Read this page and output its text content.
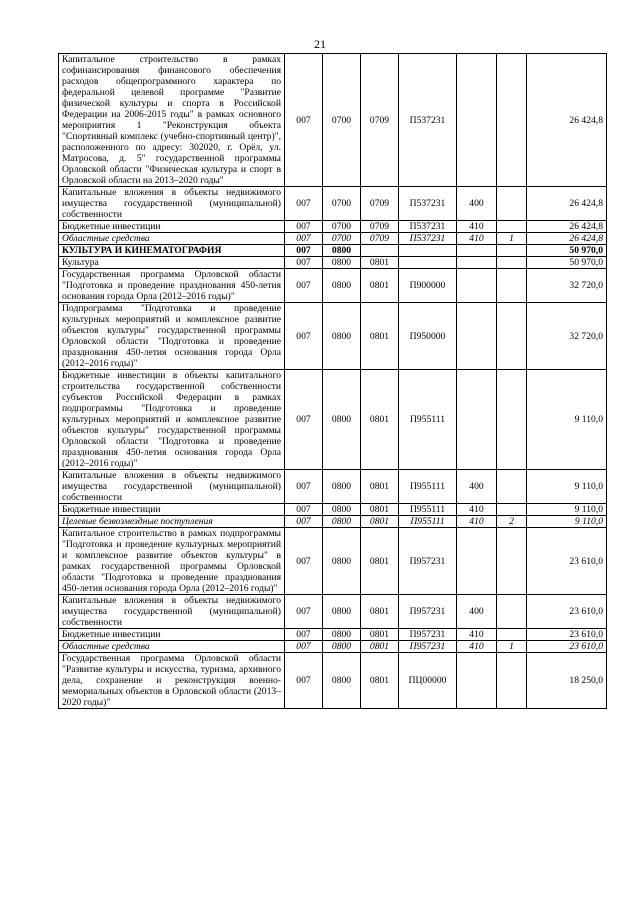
21
Капитальное строительство в рамках софинансирования финансового обеспечения расходов общепрограммного характера по федеральной целевой программе "Развитие физической культуры и спорта в Российской Федерации на 2006-2015 годы" в рамках основного мероприятия 1 "Реконструкция объекта "Спортивный комплекс (учебно-спортивный центр)", расположенного по адресу: 302020, г. Орёл, ул. Матросова, д. 5" государственной программы Орловской области "Физическая культура и спорт в Орловской области на 2013–2020 годы"	007	0700	0709	П537231			26 424,8
Капитальные вложения в объекты недвижимого имущества государственной (муниципальной) собственности	007	0700	0709	П537231	400		26 424,8
Бюджетные инвестиции	007	0700	0709	П537231	410		26 424,8
Областные средства	007	0700	0709	П537231	410	1	26 424,8
КУЛЬТУРА И КИНЕМАТОГРАФИЯ	007	0800					50 970,0
Культура	007	0800	0801				50 970,0
Государственная программа Орловской области "Подготовка и проведение празднования 450-летия основания города Орла (2012–2016 годы)"	007	0800	0801	П900000			32 720,0
Подпрограмма "Подготовка и проведение культурных мероприятий и комплексное развитие объектов культуры" государственной программы Орловской области "Подготовка и проведение празднования 450-летия основания города Орла (2012–2016 годы)"	007	0800	0801	П950000			32 720,0
Бюджетные инвестиции в объекты капитального строительства государственной собственности субъектов Российской Федерации в рамках подпрограммы "Подготовка и проведение культурных мероприятий и комплексное развитие объектов культуры" государственной программы Орловской области "Подготовка и проведение празднования 450-летия основания города Орла (2012–2016 годы)"	007	0800	0801	П955111			9 110,0
Капитальные вложения в объекты недвижимого имущества государственной (муниципальной) собственности	007	0800	0801	П955111	400		9 110,0
Бюджетные инвестиции	007	0800	0801	П955111	410		9 110,0
Целевые безвозмездные поступления	007	0800	0801	П955111	410	2	9 110,0
Капитальное строительство в рамках подпрограммы "Подготовка и проведение культурных мероприятий и комплексное развитие объектов культуры" в рамках государственной программы Орловской области "Подготовка и проведение празднования 450-летия основания города Орла (2012–2016 годы)"	007	0800	0801	П957231			23 610,0
Капитальные вложения в объекты недвижимого имущества государственной (муниципальной) собственности	007	0800	0801	П957231	400		23 610,0
Бюджетные инвестиции	007	0800	0801	П957231	410		23 610,0
Областные средства	007	0800	0801	П957231	410	1	23 610,0
Государственная программа Орловской области "Развитие культуры и искусства, туризма, архивного дела, сохранение и реконструкция военно-мемориальных объектов в Орловской области (2013–2020 годы)"	007	0800	0801	ПЦ00000			18 250,0
